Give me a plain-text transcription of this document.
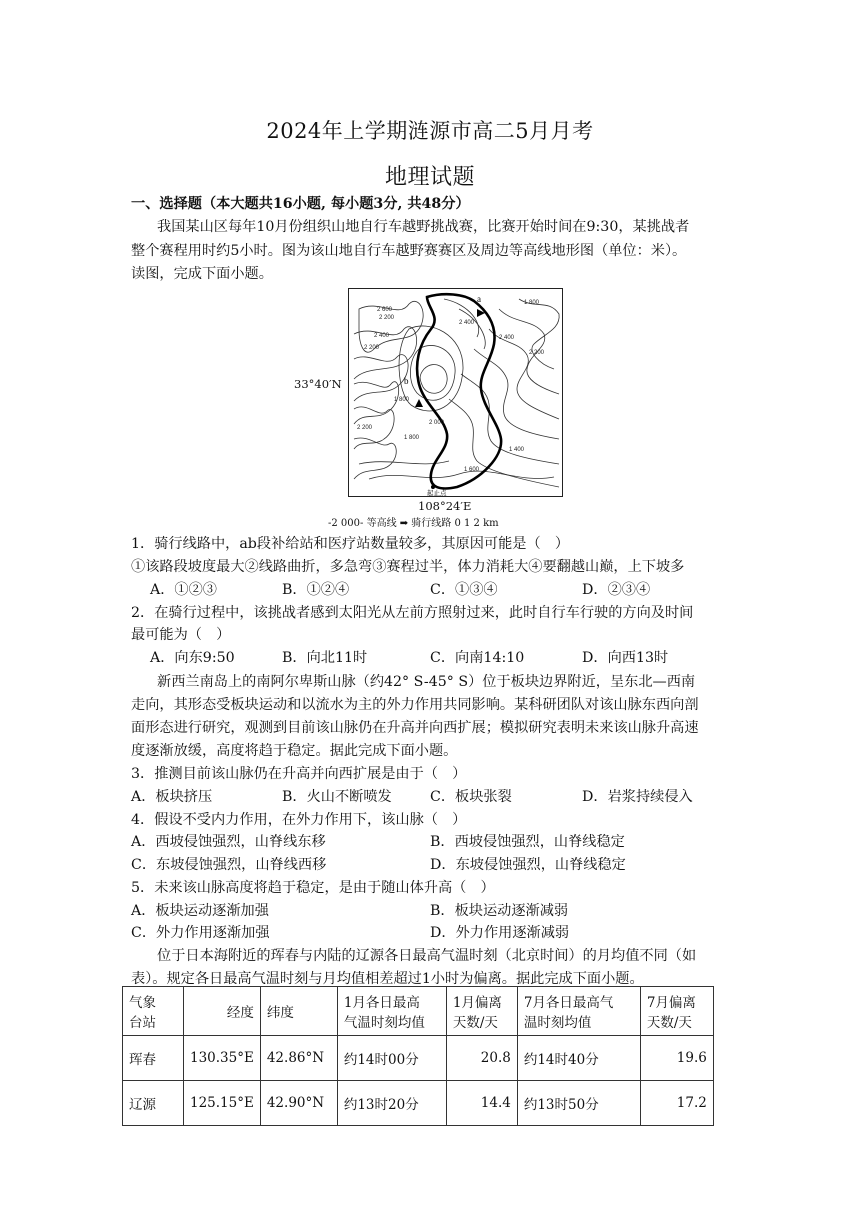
2024年上学期涟源市高二5月月考
地理试题
一、选择题（本大题共16小题, 每小题3分, 共48分）
我国某山区每年10月份组织山地自行车越野挑战赛，比赛开始时间在9:30，某挑战者
整个赛程用时约5小时。图为该山地自行车越野赛赛区及周边等高线地形图（单位：米）。
读图，完成下面小题。
33°40′N
a
b
2 600
2 400
2 200
1 800
2 400
2 200
1 800
2 400
2 200
2 000
1 800
2 200
1 600
1 400
起止点
108°24′E
-2 000- 等高线 ➡ 骑行线路 0 1 2 km
1．骑行线路中，ab段补给站和医疗站数量较多，其原因可能是（　）
①该路段坡度最大②线路曲折，多急弯③赛程过半，体力消耗大④要翻越山巅，上下坡多
A．①②③	B．①②④	C．①③④	D．②③④
2．在骑行过程中，该挑战者感到太阳光从左前方照射过来，此时自行车行驶的方向及时间
最可能为（　）
A．向东9:50	B．向北11时	C．向南14:10	D．向西13时
新西兰南岛上的南阿尔卑斯山脉（约42° S-45° S）位于板块边界附近，呈东北—西南
走向，其形态受板块运动和以流水为主的外力作用共同影响。某科研团队对该山脉东西向剖
面形态进行研究，观测到目前该山脉仍在升高并向西扩展；模拟研究表明未来该山脉升高速
度逐渐放缓，高度将趋于稳定。据此完成下面小题。
3．推测目前该山脉仍在升高并向西扩展是由于（　）
A．板块挤压	B．火山不断喷发	C．板块张裂	D．岩浆持续侵入
4．假设不受内力作用，在外力作用下，该山脉（　）
A．西坡侵蚀强烈，山脊线东移	B．西坡侵蚀强烈，山脊线稳定
C．东坡侵蚀强烈，山脊线西移	D．东坡侵蚀强烈，山脊线稳定
5．未来该山脉高度将趋于稳定，是由于随山体升高（　）
A．板块运动逐渐加强	B．板块运动逐渐减弱
C．外力作用逐渐加强	D．外力作用逐渐减弱
位于日本海附近的珲春与内陆的辽源各日最高气温时刻（北京时间）的月均值不同（如
表）。规定各日最高气温时刻与月均值相差超过1小时为偏离。据此完成下面小题。
气象
台站	经度	纬度	1月各日最高
气温时刻均值	1月偏离
天数/天	7月各日最高气
温时刻均值	7月偏离
天数/天
珲春	130.35°E	42.86°N	约14时00分	20.8	约14时40分	19.6
辽源	125.15°E	42.90°N	约13时20分	14.4	约13时50分	17.2
